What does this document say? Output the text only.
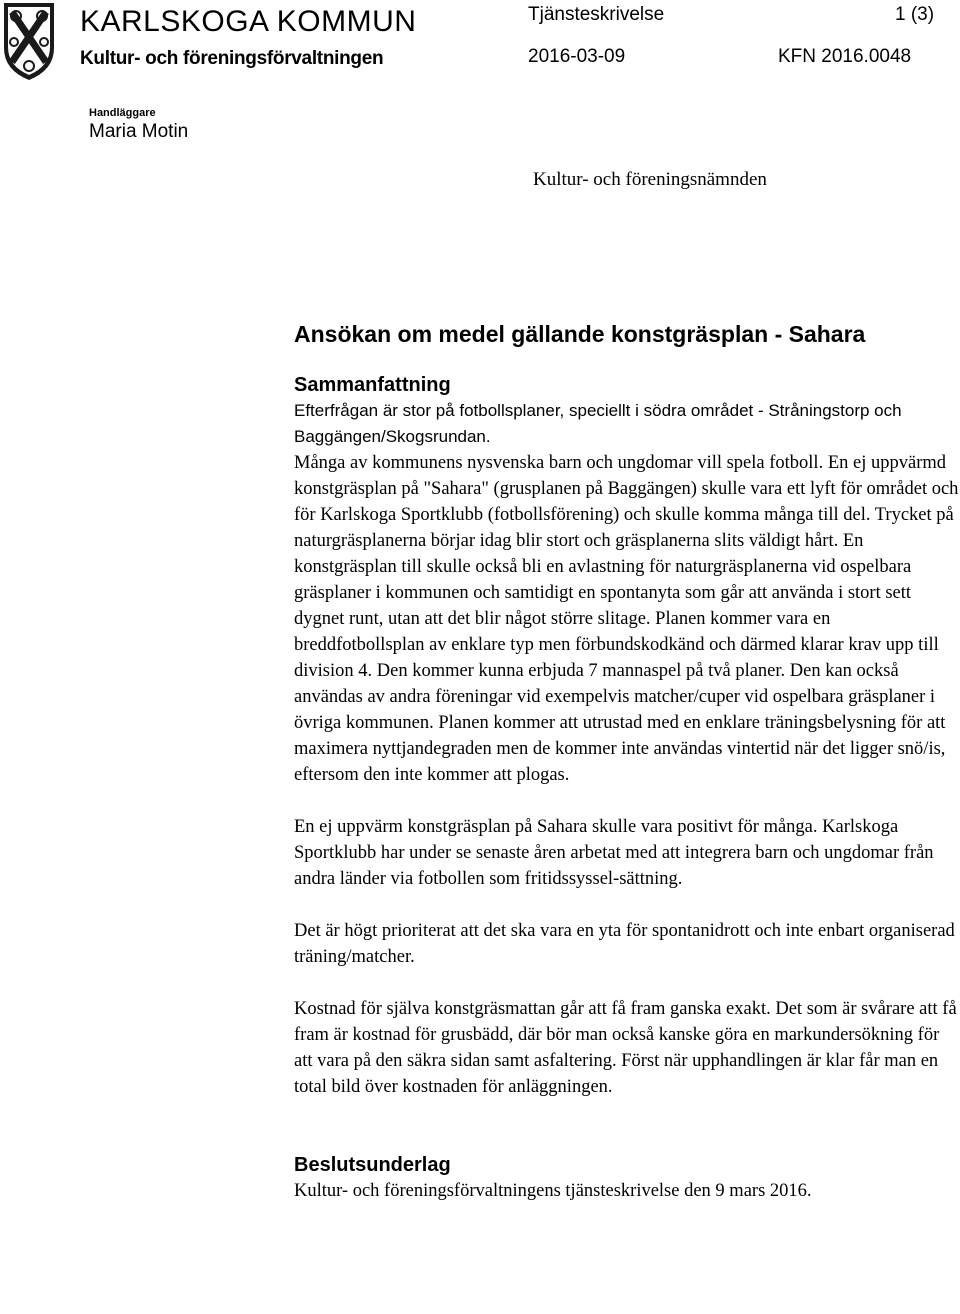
KARLSKOGA KOMMUN

Kultur- och föreningsförvaltningen

Tjänsteskrivelse	1 (3)
2016-03-09	KFN 2016.0048

Handläggare

Maria Motin

Kultur- och föreningsnämnden

Ansökan om medel gällande konstgräsplan - Sahara
Sammanfattning

Efterfrågan är stor på fotbollsplaner, speciellt i södra området - Stråningstorp och Baggängen/Skogsrundan.

Många av kommunens nysvenska barn och ungdomar vill spela fotboll. En ej uppvärmd konstgräsplan på "Sahara" (grusplanen på Baggängen) skulle vara ett lyft för området och för Karlskoga Sportklubb (fotbollsförening) och skulle komma många till del. Trycket på naturgräsplanerna börjar idag blir stort och gräsplanerna slits väldigt hårt. En konstgräsplan till skulle också bli en avlastning för naturgräsplanerna vid ospelbara gräsplaner i kommunen och samtidigt en spontanyta som går att använda i stort sett dygnet runt, utan att det blir något större slitage. Planen kommer vara en breddfotbollsplan av enklare typ men förbundskodkänd och därmed klarar krav upp till division 4. Den kommer kunna erbjuda 7 mannaspel på två planer. Den kan också användas av andra föreningar vid exempelvis matcher/cuper vid ospelbara gräsplaner i övriga kommunen. Planen kommer att utrustad med en enklare träningsbelysning för att maximera nyttjandegraden men de kommer inte användas vintertid när det ligger snö/is, eftersom den inte kommer att plogas.

En ej uppvärm konstgräsplan på Sahara skulle vara positivt för många. Karlskoga Sportklubb har under se senaste åren arbetat med att integrera barn och ungdomar från andra länder via fotbollen som fritidssyssel-sättning.

Det är högt prioriterat att det ska vara en yta för spontanidrott och inte enbart organiserad träning/matcher.

Kostnad för själva konstgräsmattan går att få fram ganska exakt. Det som är svårare att få fram är kostnad för grusbädd, där bör man också kanske göra en markundersökning för att vara på den säkra sidan samt asfaltering. Först när upphandlingen är klar får man en total bild över kostnaden för anläggningen.

Beslutsunderlag

Kultur- och föreningsförvaltningens tjänsteskrivelse den 9 mars 2016.
